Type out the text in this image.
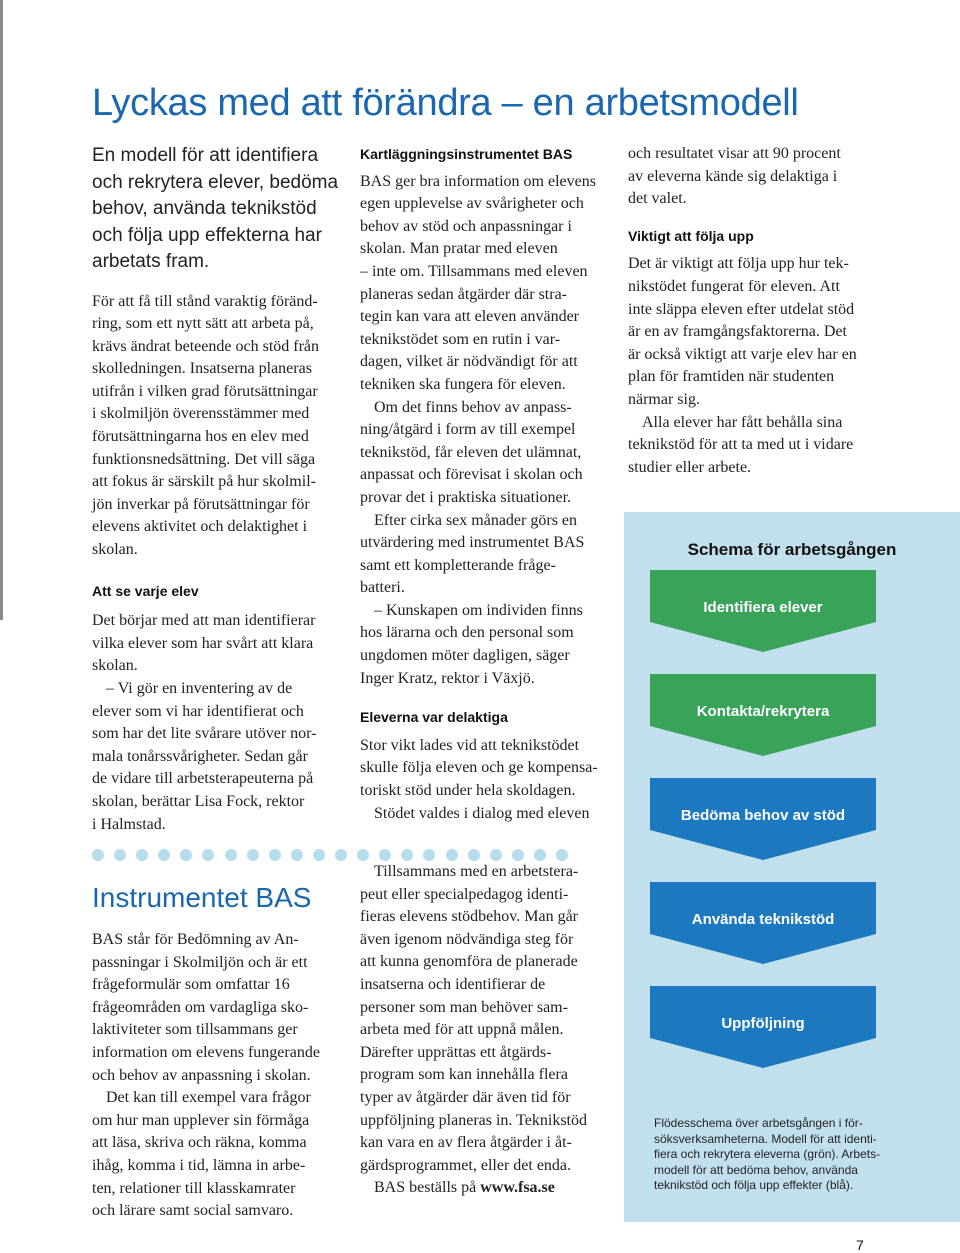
Lyckas med att förändra – en arbetsmodell

En modell för att identifiera
och rekrytera elever, bedöma
behov, använda teknikstöd
och följa upp effekterna har
arbetats fram.

För att få till stånd varaktig föränd-
ring, som ett nytt sätt att arbeta på,
krävs ändrat beteende och stöd från
skolledningen. Insatserna planeras
utifrån i vilken grad förutsättningar
i skolmiljön överensstämmer med
förutsättningarna hos en elev med
funktionsnedsättning. Det vill säga
att fokus är särskilt på hur skolmil-
jön inverkar på förutsättningar för
elevens aktivitet och delaktighet i
skolan.

Att se varje elev

Det börjar med att man identifierar
vilka elever som har svårt att klara
skolan.

– Vi gör en inventering av de
elever som vi har identifierat och
som har det lite svårare utöver nor-
mala tonårssvårigheter. Sedan går
de vidare till arbetsterapeuterna på
skolan, berättar Lisa Fock, rektor
i Halmstad.

Kartläggningsinstrumentet BAS

BAS ger bra information om elevens
egen upplevelse av svårigheter och
behov av stöd och anpassningar i
skolan. Man pratar med eleven
– inte om. Tillsammans med eleven
planeras sedan åtgärder där stra-
tegin kan vara att eleven använder
teknikstödet som en rutin i var-
dagen, vilket är nödvändigt för att
tekniken ska fungera för eleven.

Om det finns behov av anpass-
ning/åtgärd i form av till exempel
teknikstöd, får eleven det ulämnat,
anpassat och förevisat i skolan och
provar det i praktiska situationer.

Efter cirka sex månader görs en
utvärdering med instrumentet BAS
samt ett kompletterande fråge-
batteri.

– Kunskapen om individen finns
hos lärarna och den personal som
ungdomen möter dagligen, säger
Inger Kratz, rektor i Växjö.

Eleverna var delaktiga

Stor vikt lades vid att teknikstödet
skulle följa eleven och ge kompensa-
toriskt stöd under hela skoldagen.

Stödet valdes i dialog med eleven

och resultatet visar att 90 procent
av eleverna kände sig delaktiga i
det valet.

Viktigt att följa upp

Det är viktigt att följa upp hur tek-
nikstödet fungerat för eleven. Att
inte släppa eleven efter utdelat stöd
är en av framgångsfaktorerna. Det
är också viktigt att varje elev har en
plan för framtiden när studenten
närmar sig.

Alla elever har fått behålla sina
teknikstöd för att ta med ut i vidare
studier eller arbete.

Instrumentet BAS

BAS står för Bedömning av An-
passningar i Skolmiljön och är ett
frågeformulär som omfattar 16
frågeområden om vardagliga sko-
laktiviteter som tillsammans ger
information om elevens fungerande
och behov av anpassning i skolan.

Det kan till exempel vara frågor
om hur man upplever sin förmåga
att läsa, skriva och räkna, komma
ihåg, komma i tid, lämna in arbe-
ten, relationer till klasskamrater
och lärare samt social samvaro.

Tillsammans med en arbetstera-
peut eller specialpedagog identi-
fieras elevens stödbehov. Man går
även igenom nödvändiga steg för
att kunna genomföra de planerade
insatserna och identifierar de
personer som man behöver sam-
arbeta med för att uppnå målen.
Därefter upprättas ett åtgärds-
program som kan innehålla flera
typer av åtgärder där även tid för
uppföljning planeras in. Teknikstöd
kan vara en av flera åtgärder i åt-
gärdsprogrammet, eller det enda.

BAS beställs på www.fsa.se

Schema för arbetsgången
Identifiera elever
Kontakta/rekrytera
Bedöma behov av stöd
Använda teknikstöd
Uppföljning

Flödesschema över arbetsgången i för-
söksverksamheterna. Modell för att identi-
fiera och rekrytera eleverna (grön). Arbets-
modell för att bedöma behov, använda
teknikstöd och följa upp effekter (blå).

7
